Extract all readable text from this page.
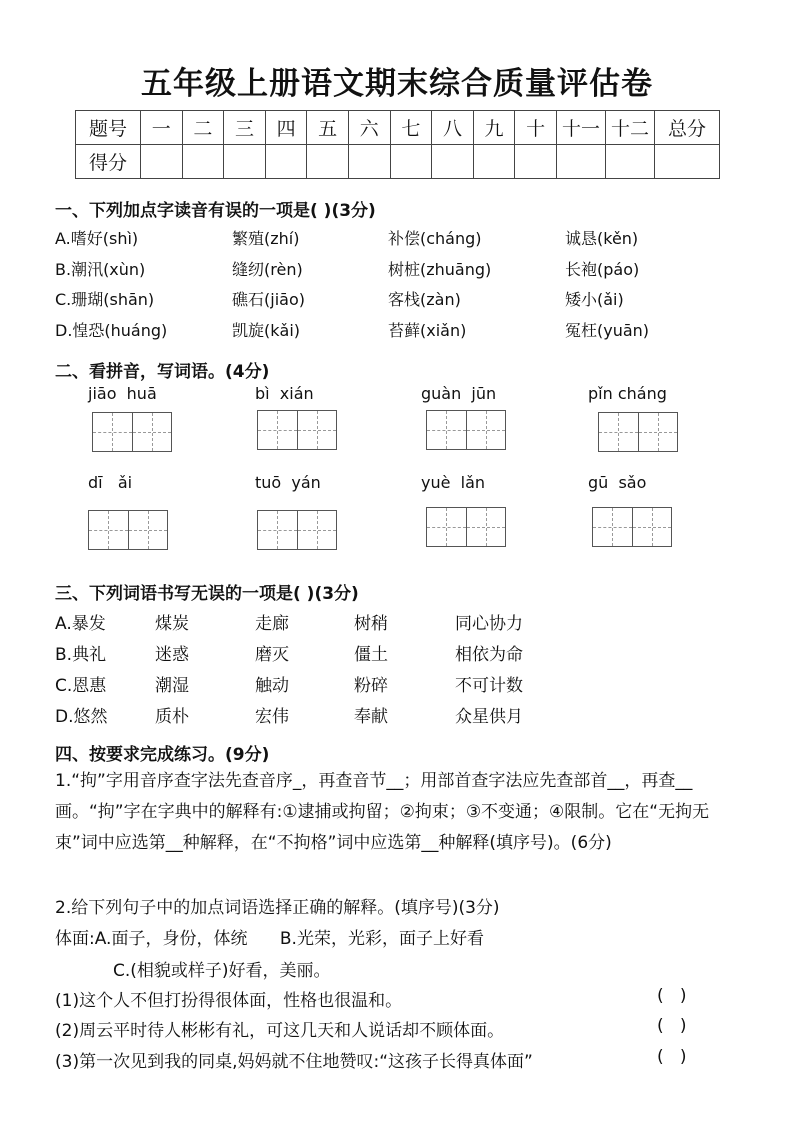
五年级上册语文期末综合质量评估卷
题号	一	二	三	四	五	六	七	八	九	十	十一	十二	总分
得分													
一、下列加点字读音有误的一项是( )(3分)
A.嗜好(shì)	繁殖(zhí)	补偿(cháng)	诚恳(kěn)
B.潮汛(xùn)	缝纫(rèn)	树桩(zhuāng)	长袍(páo)
C.珊瑚(shān)	礁石(jiāo)	客栈(zàn)	矮小(ǎi)
D.惶恐(huáng)	凯旋(kǎi)	苔藓(xiǎn)	冤枉(yuān)
二、看拼音，写词语。(4分)
jiāo  huā	bì  xián	guàn  jūn	pǐn cháng
dī   ǎi	tuō  yán	yuè  lǎn	gū  sǎo
三、下列词语书写无误的一项是( )(3分)
A.暴发	煤炭	走廊	树稍	同心协力
B.典礼	迷惑	磨灭	僵土	相依为命
C.恩惠	潮湿	触动	粉碎	不可计数
D.悠然	质朴	宏伟	奉献	众星供月
四、按要求完成练习。(9分)
1.“拘”字用音序查字法先查音序_，再查音节__；用部首查字法应先查部首__，再查__画。“拘”字在字典中的解释有:①逮捕或拘留；②拘束；③不变通；④限制。它在“无拘无束”词中应选第__种解释，在“不拘格”词中应选第__种解释(填序号)。(6分)
2.给下列句子中的加点词语选择正确的解释。(填序号)(3分)
体面:A.面子，身份，体统      B.光荣，光彩，面子上好看
C.(相貌或样子)好看，美丽。
(1)这个人不但打扮得很体面，性格也很温和。	(   )
(2)周云平时待人彬彬有礼，可这几天和人说话却不顾体面。	(   )
(3)第一次见到我的同桌,妈妈就不住地赞叹:“这孩子长得真体面”	(   )
